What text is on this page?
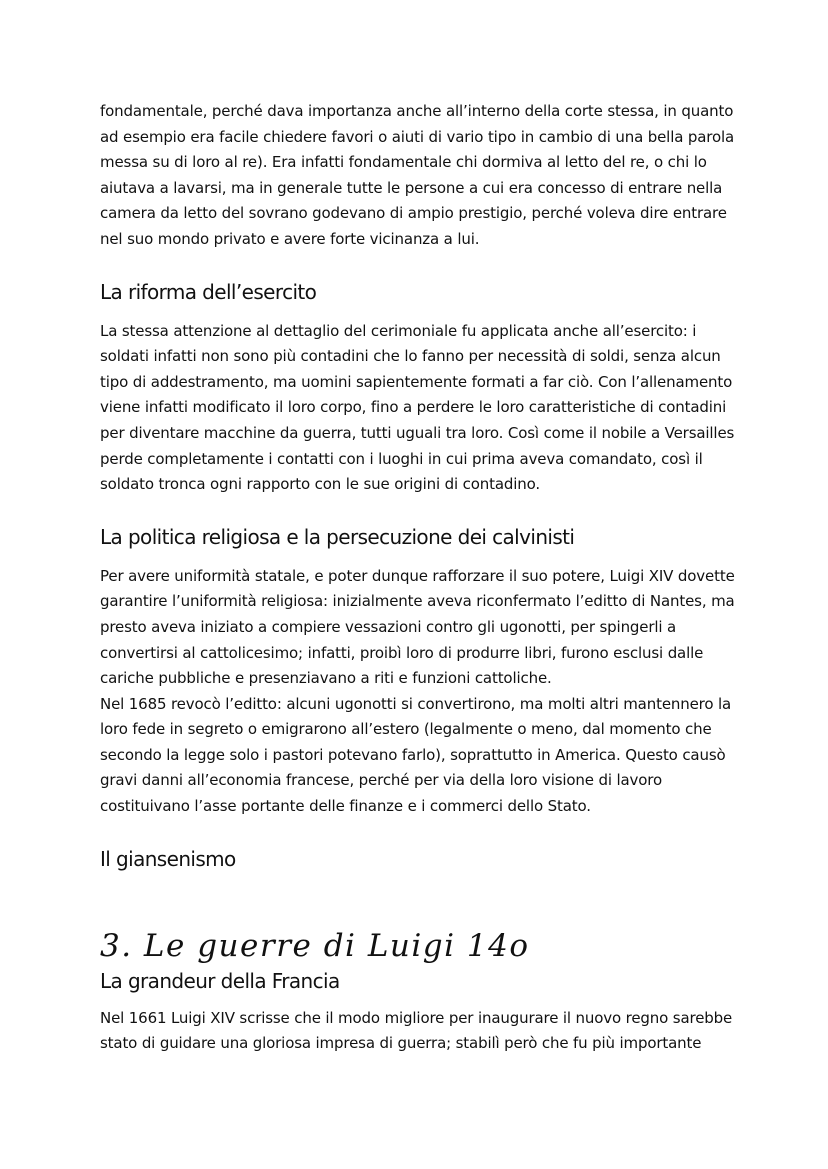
fondamentale, perché dava importanza anche all’interno della corte stessa, in quanto ad esempio era facile chiedere favori o aiuti di vario tipo in cambio di una bella parola messa su di loro al re). Era infatti fondamentale chi dormiva al letto del re, o chi lo aiutava a lavarsi, ma in generale tutte le persone a cui era concesso di entrare nella camera da letto del sovrano godevano di ampio prestigio, perché voleva dire entrare nel suo mondo privato e avere forte vicinanza a lui.

La riforma dell’esercito

La stessa attenzione al dettaglio del cerimoniale fu applicata anche all’esercito: i soldati infatti non sono più contadini che lo fanno per necessità di soldi, senza alcun tipo di addestramento, ma uomini sapientemente formati a far ciò. Con l’allenamento viene infatti modificato il loro corpo, fino a perdere le loro caratteristiche di contadini per diventare macchine da guerra, tutti uguali tra loro. Così come il nobile a Versailles perde completamente i contatti con i luoghi in cui prima aveva comandato, così il soldato tronca ogni rapporto con le sue origini di contadino.

La politica religiosa e la persecuzione dei calvinisti

Per avere uniformità statale, e poter dunque rafforzare il suo potere, Luigi XIV dovette garantire l’uniformità religiosa: inizialmente aveva riconfermato l’editto di Nantes, ma presto aveva iniziato a compiere vessazioni contro gli ugonotti, per spingerli a convertirsi al cattolicesimo; infatti, proibì loro di produrre libri, furono esclusi dalle cariche pubbliche e presenziavano a riti e funzioni cattoliche.

Nel 1685 revocò l’editto: alcuni ugonotti si convertirono, ma molti altri mantennero la loro fede in segreto o emigrarono all’estero (legalmente o meno, dal momento che secondo la legge solo i pastori potevano farlo), soprattutto in America. Questo causò gravi danni all’economia francese, perché per via della loro visione di lavoro costituivano l’asse portante delle finanze e i commerci dello Stato.

Il giansenismo
3. Le guerre di Luigi 14o
La grandeur della Francia

Nel 1661 Luigi XIV scrisse che il modo migliore per inaugurare il nuovo regno sarebbe stato di guidare una gloriosa impresa di guerra; stabilì però che fu più importante
